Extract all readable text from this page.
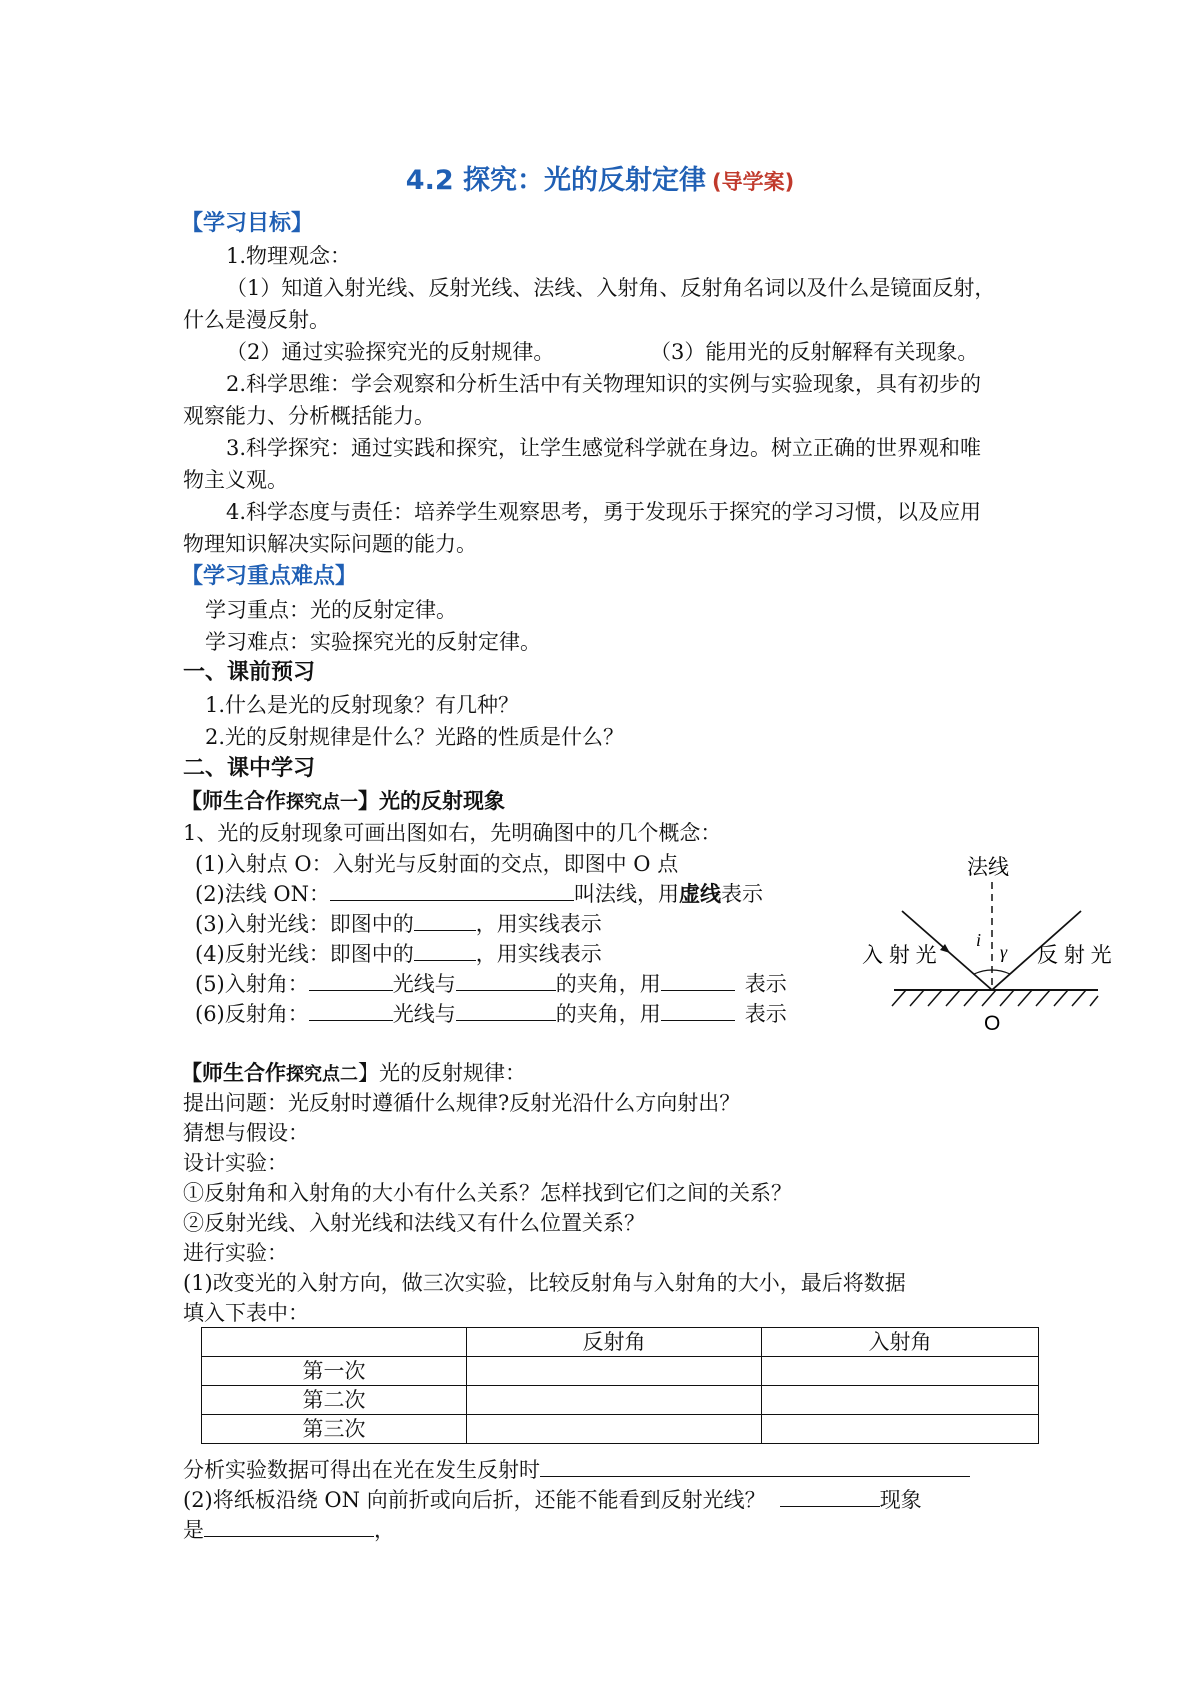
4.2 探究：光的反射定律 (导学案)
【学习目标】
1.物理观念：
（1）知道入射光线、反射光线、法线、入射角、反射角名词以及什么是镜面反射，
什么是漫反射。
（2）通过实验探究光的反射规律。	（3）能用光的反射解释有关现象。
2.科学思维：学会观察和分析生活中有关物理知识的实例与实验现象，具有初步的
观察能力、分析概括能力。
3.科学探究：通过实践和探究，让学生感觉科学就在身边。树立正确的世界观和唯
物主义观。
4.科学态度与责任：培养学生观察思考，勇于发现乐于探究的学习习惯，以及应用
物理知识解决实际问题的能力。
【学习重点难点】
学习重点：光的反射定律。
学习难点：实验探究光的反射定律。
一、课前预习
1.什么是光的反射现象？有几种？
2.光的反射规律是什么？光路的性质是什么？
二、课中学习
【师生合作探究点一】光的反射现象
1、光的反射现象可画出图如右，先明确图中的几个概念：
(1)入射点 O：入射光与反射面的交点，即图中 O 点
(2)法线 ON：	叫法线，用虚线表示
(3)入射光线：即图中的	，用实线表示
(4)反射光线：即图中的	，用实线表示
(5)入射角：	光线与	的夹角，用	表示
(6)反射角：	光线与	的夹角，用	表示
法线
i
γ
入 射 光	反 射 光
O
【师生合作探究点二】光的反射规律：
提出问题：光反射时遵循什么规律?反射光沿什么方向射出？
猜想与假设：
设计实验：
①反射角和入射角的大小有什么关系？怎样找到它们之间的关系？
②反射光线、入射光线和法线又有什么位置关系？
进行实验：
(1)改变光的入射方向，做三次实验，比较反射角与入射角的大小，最后将数据
填入下表中：
	反射角	入射角
第一次		
第二次		
第三次		
分析实验数据可得出在光在发生反射时
(2)将纸板沿绕 ON 向前折或向后折，还能不能看到反射光线？	现象
是	，
